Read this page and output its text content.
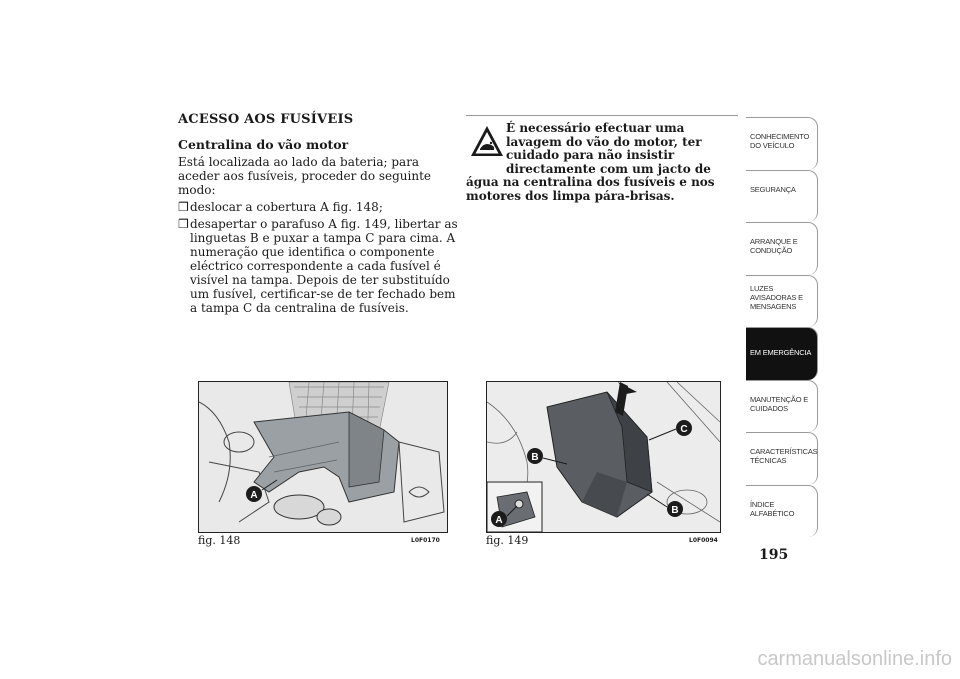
ACESSO AOS FUSÍVEIS
Centralina do vão motor
Está localizada ao lado da bateria; para aceder aos fusíveis, proceder do seguinte modo:
❒ deslocar a cobertura A fig. 148;
❒ desapertar o parafuso A fig. 149, libertar as linguetas B e puxar a tampa C para cima. A numeração que identifica o componente eléctrico correspondente a cada fusível é visível na tampa. Depois de ter substituído um fusível, certificar-se de ter fechado bem a tampa C da centralina de fusíveis.
É necessário efectuar uma lavagem do vão do motor, ter cuidado para não insistir directamente com um jacto de
água na centralina dos fusíveis e nos motores dos limpa pára-brisas.
A
fig. 148	L0F0170
C
B
B
A
fig. 149	L0F0094
CONHECIMENTO
DO VEÍCULO
SEGURANÇA
ARRANQUE E
CONDUÇÃO
LUZES
AVISADORAS E
MENSAGENS
EM EMERGÊNCIA
MANUTENÇÃO E
CUIDADOS
CARACTERÍSTICAS
TÉCNICAS
ÍNDICE
ALFABÉTICO
195
carmanualsonline.info
